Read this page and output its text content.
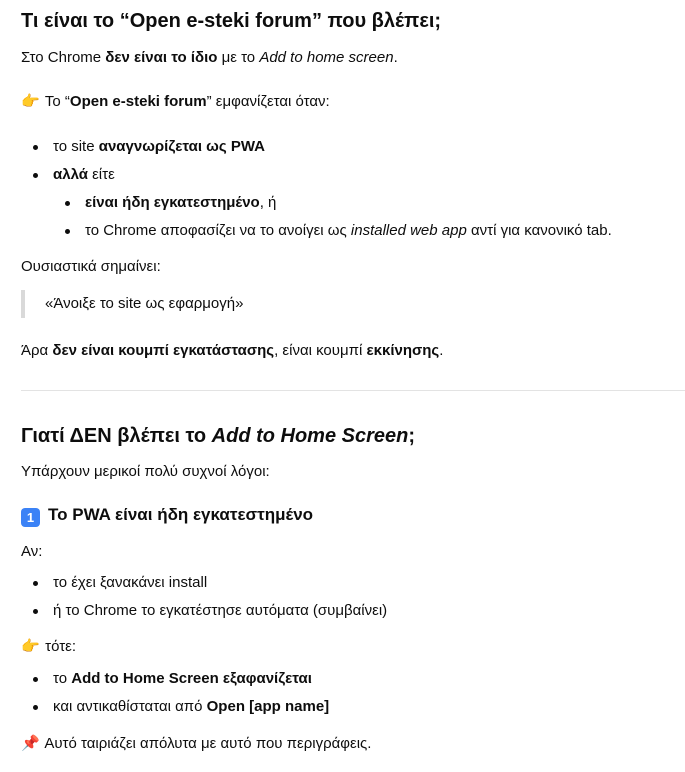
Τι είναι το “Open e-steki forum” που βλέπει;
Στο Chrome δεν είναι το ίδιο με το Add to home screen.
👉 Το “Open e-steki forum” εμφανίζεται όταν:
το site αναγνωρίζεται ως PWA
αλλά είτε
είναι ήδη εγκατεστημένο, ή
το Chrome αποφασίζει να το ανοίγει ως installed web app αντί για κανονικό tab.
Ουσιαστικά σημαίνει:
«Άνοιξε το site ως εφαρμογή»
Άρα δεν είναι κουμπί εγκατάστασης, είναι κουμπί εκκίνησης.
Γιατί ΔΕΝ βλέπει το Add to Home Screen;
Υπάρχουν μερικοί πολύ συχνοί λόγοι:
1 Το PWA είναι ήδη εγκατεστημένο
Αν:
το έχει ξανακάνει install
ή το Chrome το εγκατέστησε αυτόματα (συμβαίνει)
👉 τότε:
το Add to Home Screen εξαφανίζεται
και αντικαθίσταται από Open [app name]
📌 Αυτό ταιριάζει απόλυτα με αυτό που περιγράφεις.
